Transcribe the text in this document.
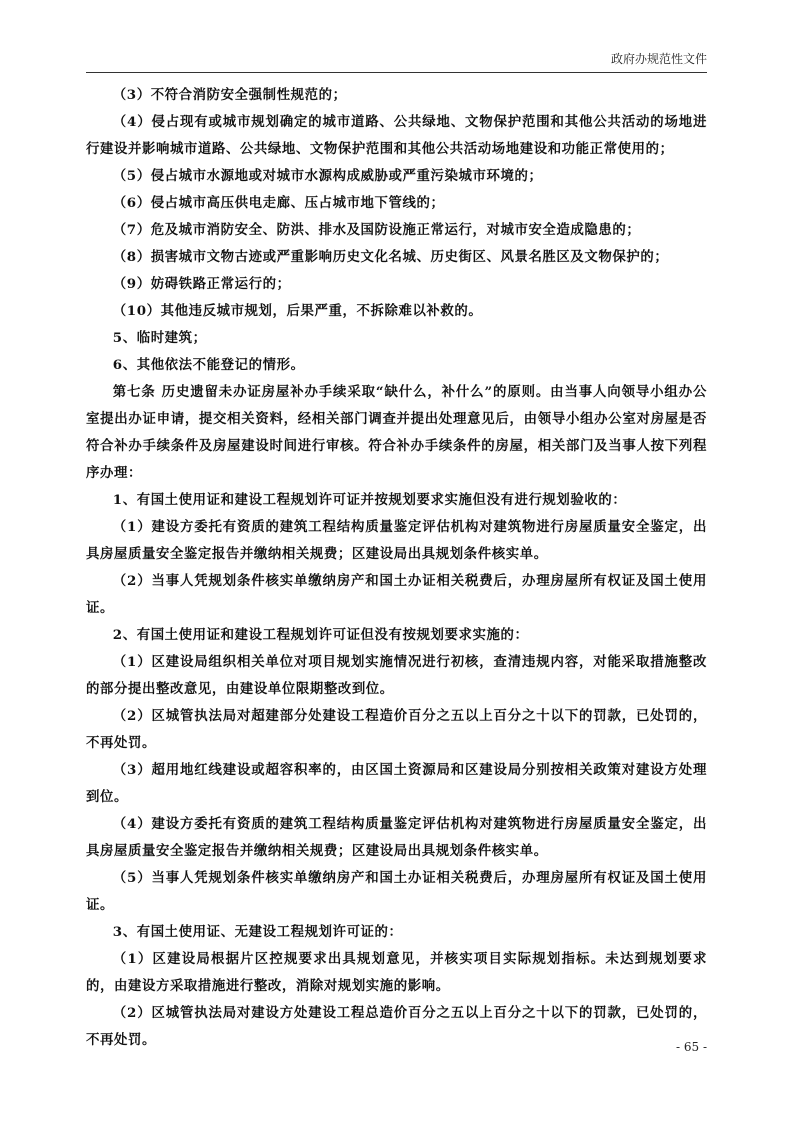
政府办规范性文件

（3）不符合消防安全强制性规范的；

（4）侵占现有或城市规划确定的城市道路、公共绿地、文物保护范围和其他公共活动的场地进行建设并影响城市道路、公共绿地、文物保护范围和其他公共活动场地建设和功能正常使用的；

（5）侵占城市水源地或对城市水源构成威胁或严重污染城市环境的；

（6）侵占城市高压供电走廊、压占城市地下管线的；

（7）危及城市消防安全、防洪、排水及国防设施正常运行，对城市安全造成隐患的；

（8）损害城市文物古迹或严重影响历史文化名城、历史街区、风景名胜区及文物保护的；

（9）妨碍铁路正常运行的；

（10）其他违反城市规划，后果严重，不拆除难以补救的。

5、临时建筑；

6、其他依法不能登记的情形。

第七条 历史遗留未办证房屋补办手续采取“缺什么，补什么”的原则。由当事人向领导小组办公室提出办证申请，提交相关资料，经相关部门调查并提出处理意见后，由领导小组办公室对房屋是否符合补办手续条件及房屋建设时间进行审核。符合补办手续条件的房屋，相关部门及当事人按下列程序办理：

1、有国土使用证和建设工程规划许可证并按规划要求实施但没有进行规划验收的：

（1）建设方委托有资质的建筑工程结构质量鉴定评估机构对建筑物进行房屋质量安全鉴定，出具房屋质量安全鉴定报告并缴纳相关规费；区建设局出具规划条件核实单。

（2）当事人凭规划条件核实单缴纳房产和国土办证相关税费后，办理房屋所有权证及国土使用证。

2、有国土使用证和建设工程规划许可证但没有按规划要求实施的：

（1）区建设局组织相关单位对项目规划实施情况进行初核，查清违规内容，对能采取措施整改的部分提出整改意见，由建设单位限期整改到位。

（2）区城管执法局对超建部分处建设工程造价百分之五以上百分之十以下的罚款，已处罚的，不再处罚。

（3）超用地红线建设或超容积率的，由区国土资源局和区建设局分别按相关政策对建设方处理到位。

（4）建设方委托有资质的建筑工程结构质量鉴定评估机构对建筑物进行房屋质量安全鉴定，出具房屋质量安全鉴定报告并缴纳相关规费；区建设局出具规划条件核实单。

（5）当事人凭规划条件核实单缴纳房产和国土办证相关税费后，办理房屋所有权证及国土使用证。

3、有国土使用证、无建设工程规划许可证的：

（1）区建设局根据片区控规要求出具规划意见，并核实项目实际规划指标。未达到规划要求的，由建设方采取措施进行整改，消除对规划实施的影响。

（2）区城管执法局对建设方处建设工程总造价百分之五以上百分之十以下的罚款，已处罚的，不再处罚。	- 65 -
